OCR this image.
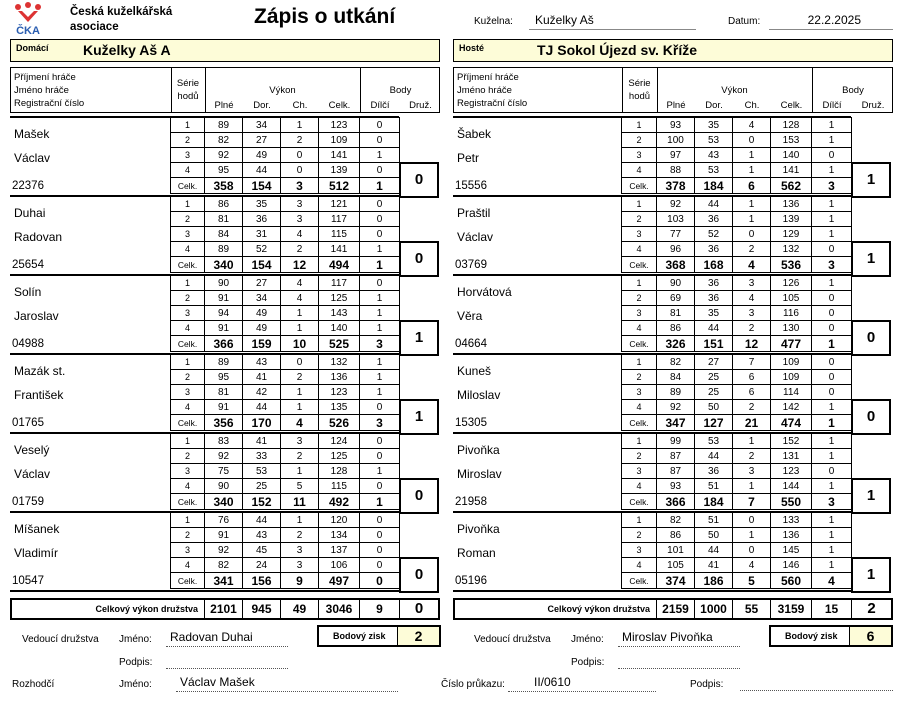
ČKA
Česká kuželkářská
asociace	Zápis o utkání	Kuželna:	Kuželky Aš	Datum:	22.2.2025
Domácí Kuželky Aš A	Hosté	TJ Sokol Újezd sv. Kříže
Příjmení hráče
Jméno hráče
Registrační číslo
Série
hodů
Výkon	Body
Plné	Dor.	Ch.	Celk.	Dílčí	Druž.
Mašek
Václav
22376
1	89	34	1	123	0
2	82	27	2	109	0
3	92	49	0	141	1
4	95	44	0	139	0
Celk.	358	154	3	512	1	0
Duhai
Radovan
25654
1	86	35	3	121	0
2	81	36	3	117	0
3	84	31	4	115	0
4	89	52	2	141	1
Celk.	340	154	12	494	1	0
Solín
Jaroslav
04988
1	90	27	4	117	0
2	91	34	4	125	1
3	94	49	1	143	1
4	91	49	1	140	1
Celk.	366	159	10	525	3	1
Mazák st.
František
01765
1	89	43	0	132	1
2	95	41	2	136	1
3	81	42	1	123	1
4	91	44	1	135	0
Celk.	356	170	4	526	3	1
Veselý
Václav
01759
1	83	41	3	124	0
2	92	33	2	125	0
3	75	53	1	128	1
4	90	25	5	115	0
Celk.	340	152	11	492	1	0
Míšanek
Vladimír
10547
1	76	44	1	120	0
2	91	43	2	134	0
3	92	45	3	137	0
4	82	24	3	106	0
Celk.	341	156	9	497	0	0
Celkový výkon družstva	2101	945	49	3046	9	0
Příjmení hráče
Jméno hráče
Registrační číslo
Série
hodů
Výkon	Body
Plné	Dor.	Ch.	Celk.	Dílčí	Druž.
Šabek
Petr
15556
1	93	35	4	128	1
2	100	53	0	153	1
3	97	43	1	140	0
4	88	53	1	141	1
Celk.	378	184	6	562	3	1
Praštil
Václav
03769
1	92	44	1	136	1
2	103	36	1	139	1
3	77	52	0	129	1
4	96	36	2	132	0
Celk.	368	168	4	536	3	1
Horvátová
Věra
04664
1	90	36	3	126	1
2	69	36	4	105	0
3	81	35	3	116	0
4	86	44	2	130	0
Celk.	326	151	12	477	1	0
Kuneš
Miloslav
15305
1	82	27	7	109	0
2	84	25	6	109	0
3	89	25	6	114	0
4	92	50	2	142	1
Celk.	347	127	21	474	1	0
Pivoňka
Miroslav
21958
1	99	53	1	152	1
2	87	44	2	131	1
3	87	36	3	123	0
4	93	51	1	144	1
Celk.	366	184	7	550	3	1
Pivoňka
Roman
05196
1	82	51	0	133	1
2	86	50	1	136	1
3	101	44	0	145	1
4	105	41	4	146	1
Celk.	374	186	5	560	4	1
Celkový výkon družstva	2159 1000	55	3159	15	2
Vedoucí družstva Jméno:	Radovan Duhai
Podpis:
Bodový zisk	2	Vedoucí družstva Jméno:	Miroslav Pivoňka
Podpis:
Bodový zisk	6
Rozhodčí	Jméno:	Václav Mašek	Číslo průkazu:	II/0610	Podpis:
